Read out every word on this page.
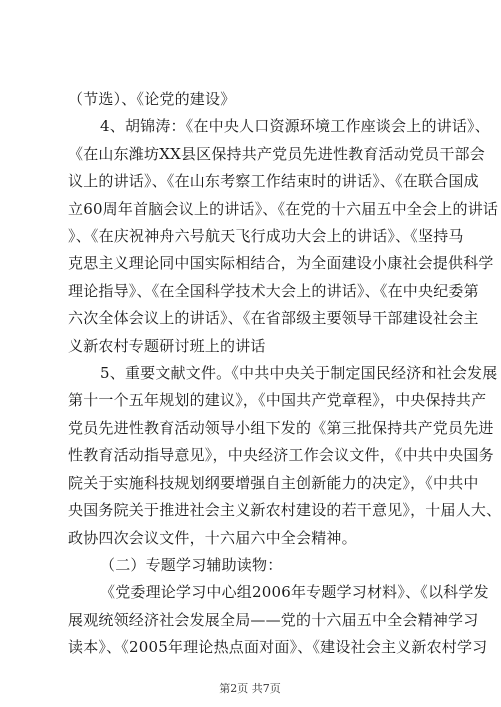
（节选）、《论党的建设》
4、胡锦涛：《在中央人口资源环境工作座谈会上的讲话》、
《在山东潍坊XX县区保持共产党员先进性教育活动党员干部会
议上的讲话》、《在山东考察工作结束时的讲话》、《在联合国成
立60周年首脑会议上的讲话》、《在党的十六届五中全会上的讲话
》、《在庆祝神舟六号航天飞行成功大会上的讲话》、《坚持马
克思主义理论同中国实际相结合，为全面建设小康社会提供科学
理论指导》、《在全国科学技术大会上的讲话》、《在中央纪委第
六次全体会议上的讲话》、《在省部级主要领导干部建设社会主
义新农村专题研讨班上的讲话
5、重要文献文件。《中共中央关于制定国民经济和社会发展
第十一个五年规划的建议》，《中国共产党章程》，中央保持共产
党员先进性教育活动领导小组下发的《第三批保持共产党员先进
性教育活动指导意见》，中央经济工作会议文件，《中共中央国务
院关于实施科技规划纲要增强自主创新能力的决定》，《中共中
央国务院关于推进社会主义新农村建设的若干意见》，十届人大、
政协四次会议文件，十六届六中全会精神。
（二）专题学习辅助读物：
《党委理论学习中心组2006年专题学习材料》、《以科学发
展观统领经济社会发展全局——党的十六届五中全会精神学习
读本》、《2005年理论热点面对面》、《建设社会主义新农村学习
第2页 共7页
